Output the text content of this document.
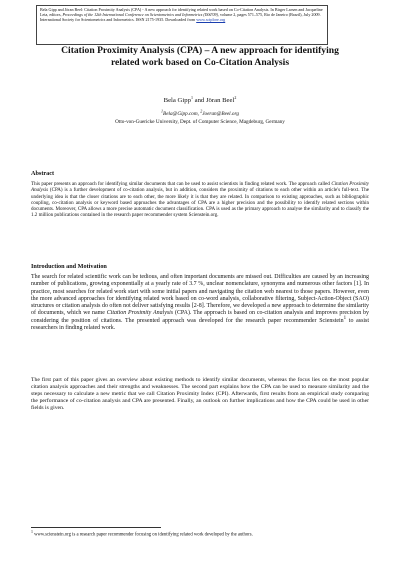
Bela Gipp and Jöran Beel: Citation Proximity Analysis (CPA) - A new approach for identifying related work based on Co-Citation Analysis. In Birger Larsen and Jacqueline Leta, editors, Proceedings of the 12th International Conference on Scientometrics and Informetrics (ISSI'09), volume 2, pages 571–575, Rio de Janeiro (Brazil), July 2009. International Society for Scientometrics and Informetrics. ISSN 2175-1935. Downloaded from www.sciplore.org
Citation Proximity Analysis (CPA) – A new approach for identifying related work based on Co-Citation Analysis
Bela Gipp$^1$ and Jöran Beel$^2$
$^1$Bela@Gipp.com, $^2$Joeran@Beel.org
Otto-von-Guericke University, Dept. of Computer Science, Magdeburg, Germany
Abstract

This paper presents an approach for identifying similar documents that can be used to assist scientists in finding related work. The approach called Citation Proximity Analysis (CPA) is a further development of co-citation analysis, but in addition, considers the proximity of citations to each other within an article's full-text. The underlying idea is that the closer citations are to each other, the more likely it is that they are related. In comparison to existing approaches, such as bibliographic coupling, co-citation analysis or keyword based approaches the advantages of CPA are a higher precision and the possibility to identify related sections within documents. Moreover, CPA allows a more precise automatic document classification. CPA is used as the primary approach to analyse the similarity and to classify the 1.2 million publications contained in the research paper recommender system Scienstein.org.

Introduction and Motivation

The search for related scientific work can be tedious, and often important documents are missed out. Difficulties are caused by an increasing number of publications, growing exponentially at a yearly rate of 3.7 %, unclear nomenclature, synonyms and numerous other factors [1]. In practice, most searches for related work start with some initial papers and navigating the citation web nearest to those papers. However, even the more advanced approaches for identifying related work based on co-word analysis, collaborative filtering, Subject-Action-Object (SAO) structures or citation analysis do often not deliver satisfying results [2-8]. Therefore, we developed a new approach to determine the similarity of documents, which we name Citation Proximity Analysis (CPA). The approach is based on co-citation analysis and improves precision by considering the position of citations. The presented approach was developed for the research paper recommender Scienstein$^1$ to assist researchers in finding related work.

The first part of this paper gives an overview about existing methods to identify similar documents, whereas the focus lies on the most popular citation analysis approaches and their strengths and weaknesses. The second part explains how the CPA can be used to measure similarity and the steps necessary to calculate a new metric that we call Citation Proximity Index (CPI). Afterwards, first results from an empirical study comparing the performance of co-citation analysis and CPA are presented. Finally, an outlook on further implications and how the CPA could be used in other fields is given.

$^1$ www.scienstein.org is a research paper recommender focusing on identifying related work developed by the authors.
